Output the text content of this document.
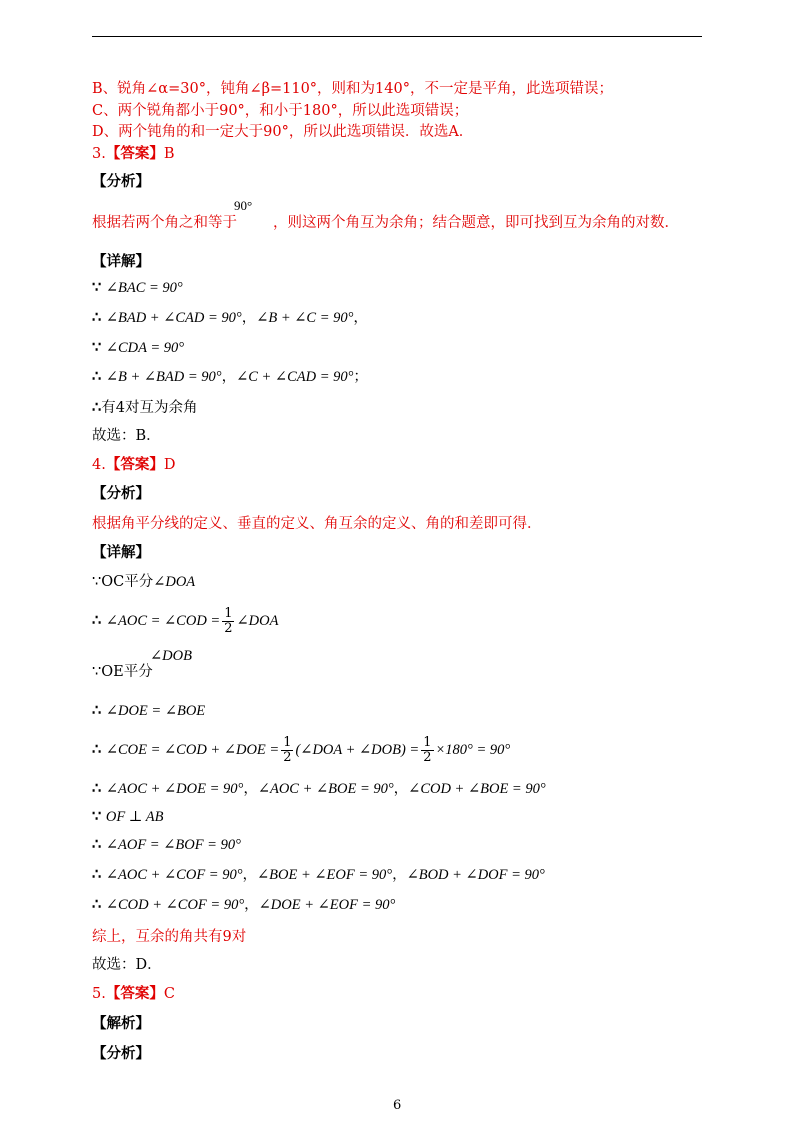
B、锐角∠α=30°，钝角∠β=110°，则和为140°，不一定是平角，此选项错误；
C、两个锐角都小于90°，和小于180°，所以此选项错误；
D、两个钝角的和一定大于90°，所以此选项错误．故选A．
3.【答案】B
【分析】
90°
根据若两个角之和等于 ，则这两个角互为余角；结合题意，即可找到互为余角的对数．
【详解】
∵ ∠BAC = 90°
∴ ∠BAD + ∠CAD = 90°，∠B + ∠C = 90°，
∵ ∠CDA = 90°
∴ ∠B + ∠BAD = 90°，∠C + ∠CAD = 90°；
∴有4对互为余角
故选：B．
4.【答案】D
【分析】
根据角平分线的定义、垂直的定义、角互余的定义、角的和差即可得．
【详解】
∵OC平分∠DOA
∴ ∠AOC = ∠COD = $\frac{1}{2}$ ∠DOA
∠DOB
∵OE平分
∴ ∠DOE = ∠BOE
∴ ∠COE = ∠COD + ∠DOE = $\frac{1}{2}$ (∠DOA + ∠DOB) = $\frac{1}{2} \times 180^\circ = 90^\circ$
∴ ∠AOC + ∠DOE = 90°，∠AOC + ∠BOE = 90°，∠COD + ∠BOE = 90°
∵ OF ⊥ AB
∴ ∠AOF = ∠BOF = 90°
∴ ∠AOC + ∠COF = 90°，∠BOE + ∠EOF = 90°，∠BOD + ∠DOF = 90°
∴ ∠COD + ∠COF = 90°，∠DOE + ∠EOF = 90°
综上，互余的角共有9对
故选：D．
5.【答案】C
【解析】
【分析】
6
